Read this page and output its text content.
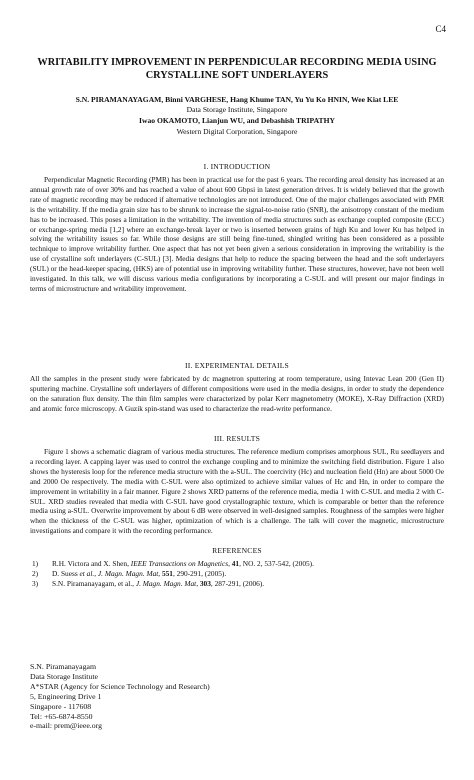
C4
WRITABILITY IMPROVEMENT IN PERPENDICULAR RECORDING MEDIA USING CRYSTALLINE SOFT UNDERLAYERS
S.N. PIRAMANAYAGAM, Binni VARGHESE, Hang Khume TAN, Yu Yu Ko HNIN, Wee Kiat LEE
Data Storage Institute, Singapore
Iwao OKAMOTO, Lianjun WU, and Debashish TRIPATHY
Western Digital Corporation, Singapore
I. INTRODUCTION

Perpendicular Magnetic Recording (PMR) has been in practical use for the past 6 years. The recording areal density has increased at an annual growth rate of over 30% and has reached a value of about 600 Gbpsi in latest generation drives. It is widely believed that the growth rate of magnetic recording may be reduced if alternative technologies are not introduced. One of the major challenges associated with PMR is the writability. If the media grain size has to be shrunk to increase the signal-to-noise ratio (SNR), the anisotropy constant of the medium has to be increased. This poses a limitation in the writability. The invention of media structures such as exchange coupled composite (ECC) or exchange-spring media [1,2] where an exchange-break layer or two is inserted between grains of high Ku and lower Ku has helped in solving the writability issues so far. While those designs are still being fine-tuned, shingled writing has been considered as a possible technique to improve writability further. One aspect that has not yet been given a serious consideration in improving the writability is the use of crystalline soft underlayers (C-SUL) [3]. Media designs that help to reduce the spacing between the head and the soft underlayers (SUL) or the head-keeper spacing, (HKS) are of potential use in improving writability further. These structures, however, have not been well investigated. In this talk, we will discuss various media configurations by incorporating a C-SUL and will present our major findings in terms of microstructure and writability improvement.

II. EXPERIMENTAL DETAILS

All the samples in the present study were fabricated by dc magnetron sputtering at room temperature, using Intevac Lean 200 (Gen II) sputtering machine. Crystalline soft underlayers of different compositions were used in the media designs, in order to study the dependence on the saturation flux density. The thin film samples were characterized by polar Kerr magnetometry (MOKE), X-Ray Diffraction (XRD) and atomic force microscopy. A Guzik spin-stand was used to characterize the read-write performance.

III. RESULTS

Figure 1 shows a schematic diagram of various media structures. The reference medium comprises amorphous SUL, Ru seedlayers and a recording layer. A capping layer was used to control the exchange coupling and to minimize the switching field distribution. Figure 1 also shows the hysteresis loop for the reference media structure with the a-SUL. The coercivity (Hc) and nucleation field (Hn) are about 5000 Oe and 2000 Oe respectively. The media with C-SUL were also optimized to achieve similar values of Hc and Hn, in order to compare the improvement in writability in a fair manner. Figure 2 shows XRD patterns of the reference media, media 1 with C-SUL and media 2 with C-SUL. XRD studies revealed that media with C-SUL have good crystallographic texture, which is comparable or better than the reference media using a-SUL. Overwrite improvement by about 6 dB were observed in well-designed samples. Roughness of the samples were higher when the thickness of the C-SUL was higher, optimization of which is a challenge. The talk will cover the magnetic, microstructure investigations and compare it with the recording performance.

REFERENCES
1)	R.H. Victora and X. Shen, IEEE Transactions on Magnetics, 41, NO. 2, 537-542, (2005).
2)	D. Suess et al., J. Magn. Magn. Mat, 551, 290-291, (2005).
3)	S.N. Piramanayagam, et al., J. Magn. Magn. Mat, 303, 287-291, (2006).
S.N. Piramanayagam
Data Storage Institute
A*STAR (Agency for Science Technology and Research)
5, Engineering Drive 1
Singapore - 117608
Tel: +65-6874-8550
e-mail: prem@ieee.org
